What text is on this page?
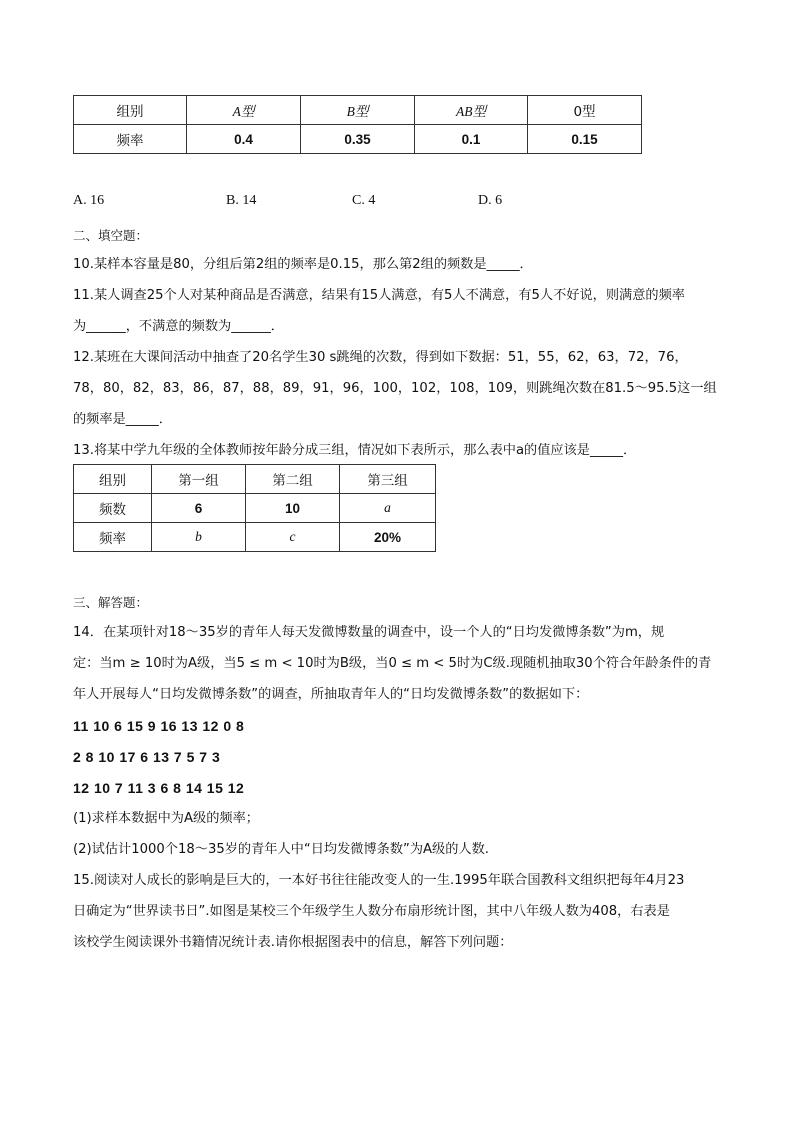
组别	A型	B型	AB型	0型
频率	0.4	0.35	0.1	0.15
A. 16	B. 14	C. 4	D. 6
二、填空题：
10.某样本容量是80，分组后第2组的频率是0.15，那么第2组的频数是_____．
11.某人调查25个人对某种商品是否满意，结果有15人满意，有5人不满意，有5人不好说，则满意的频率
为______，不满意的频数为______．
12.某班在大课间活动中抽查了20名学生30 s跳绳的次数，得到如下数据：51，55，62，63，72，76，
78，80，82，83，86，87，88，89，91，96，100，102，108，109，则跳绳次数在81.5～95.5这一组
的频率是_____．
13.将某中学九年级的全体教师按年龄分成三组，情况如下表所示，那么表中a的值应该是_____．
组别	第一组	第二组	第三组
频数	6	10	a
频率	b	c	20%
三、解答题：
14．在某项针对18～35岁的青年人每天发微博数量的调查中，设一个人的“日均发微博条数”为m，规
定：当m ≥ 10时为A级，当5 ≤ m < 10时为B级，当0 ≤ m < 5时为C级.现随机抽取30个符合年龄条件的青
年人开展每人“日均发微博条数”的调查，所抽取青年人的“日均发微博条数”的数据如下：
11 10 6 15 9 16 13 12 0 8
2 8 10 17 6 13 7 5 7 3
12 10 7 11 3 6 8 14 15 12
(1)求样本数据中为A级的频率；
(2)试估计1000个18～35岁的青年人中“日均发微博条数”为A级的人数.
15.阅读对人成长的影响是巨大的，一本好书往往能改变人的一生.1995年联合国教科文组织把每年4月23
日确定为“世界读书日”.如图是某校三个年级学生人数分布扇形统计图，其中八年级人数为408，右表是
该校学生阅读课外书籍情况统计表.请你根据图表中的信息，解答下列问题：
